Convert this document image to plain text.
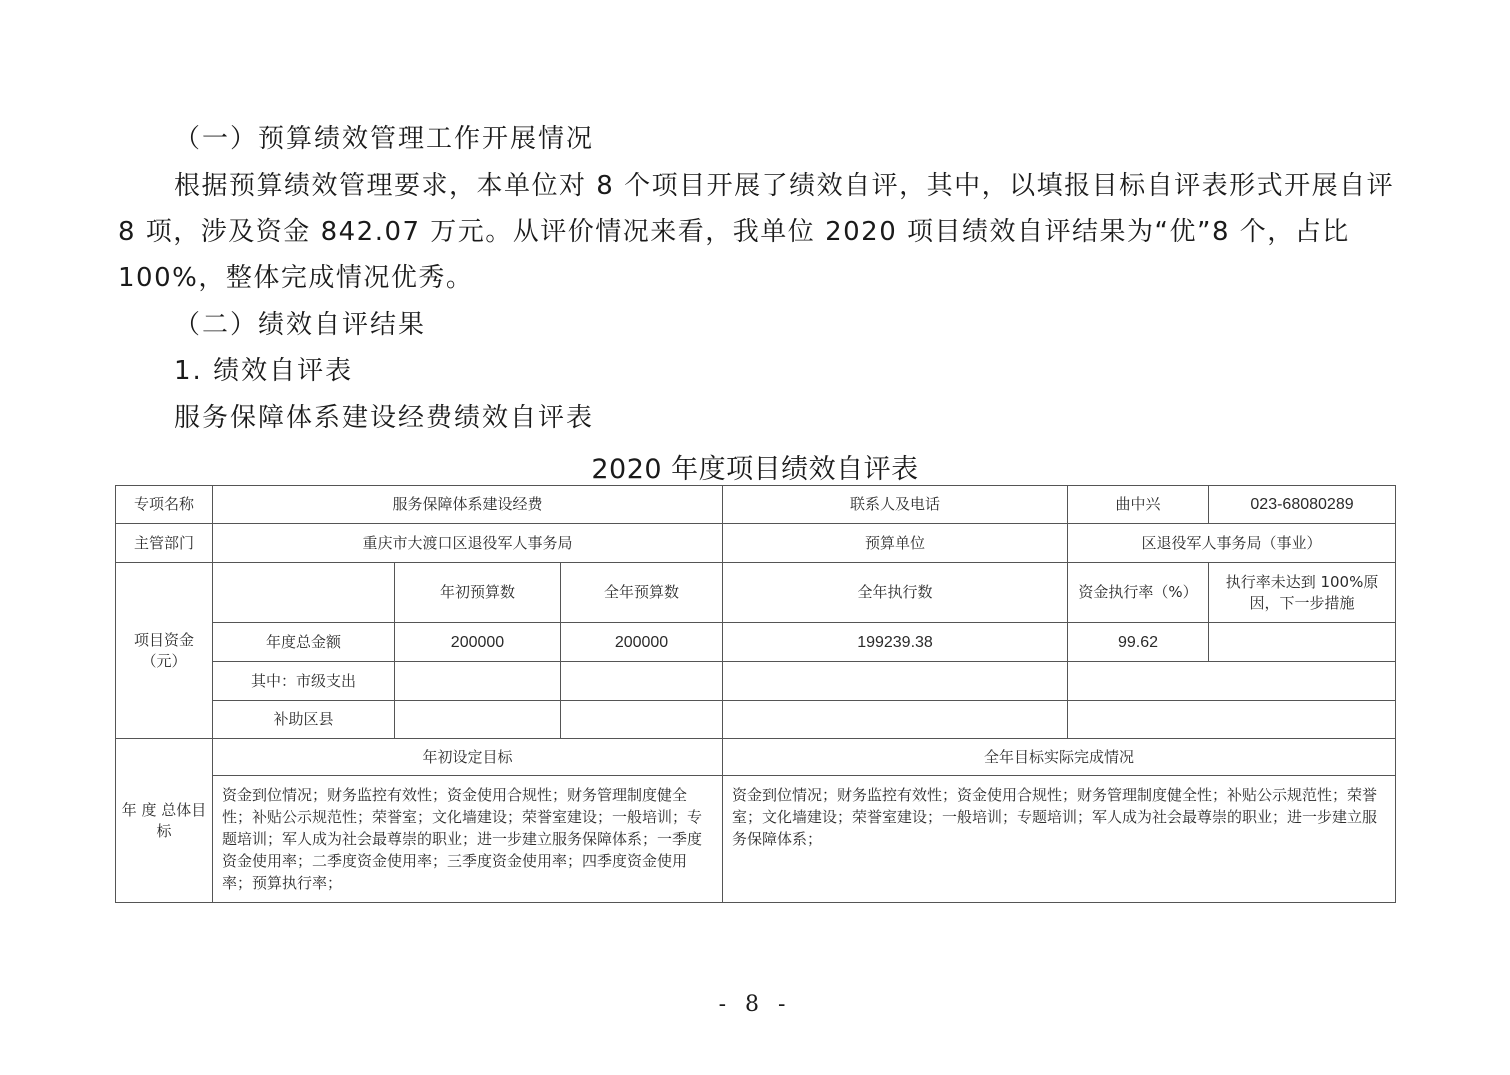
（一）预算绩效管理工作开展情况

根据预算绩效管理要求，本单位对 8 个项目开展了绩效自评，其中，以填报目标自评表形式开展自评 8 项，涉及资金 842.07 万元。从评价情况来看，我单位 2020 项目绩效自评结果为“优”8 个，占比 100%，整体完成情况优秀。

（二）绩效自评结果

1. 绩效自评表

服务保障体系建设经费绩效自评表

2020 年度项目绩效自评表

专项名称	服务保障体系建设经费			联系人及电话	曲中兴	023-68080289
主管部门	重庆市大渡口区退役军人事务局			预算单位	区退役军人事务局（事业）	
项目资金（元）		年初预算数	全年预算数	全年执行数	资金执行率（%）	执行率未达到 100%原因，下一步措施
	年度总金额	200000	200000	199239.38	99.62	
	其中：市级支出					
	补助区县					
年 度 总体目标	年初设定目标			全年目标实际完成情况		
	资金到位情况；财务监控有效性；资金使用合规性；财务管理制度健全性；补贴公示规范性；荣誉室；文化墙建设；荣誉室建设；一般培训；专题培训；军人成为社会最尊崇的职业；进一步建立服务保障体系；一季度资金使用率；二季度资金使用率；三季度资金使用率；四季度资金使用率；预算执行率；			资金到位情况；财务监控有效性；资金使用合规性；财务管理制度健全性；补贴公示规范性；荣誉室；文化墙建设；荣誉室建设；一般培训；专题培训；军人成为社会最尊崇的职业；进一步建立服务保障体系；		

- 8 -
